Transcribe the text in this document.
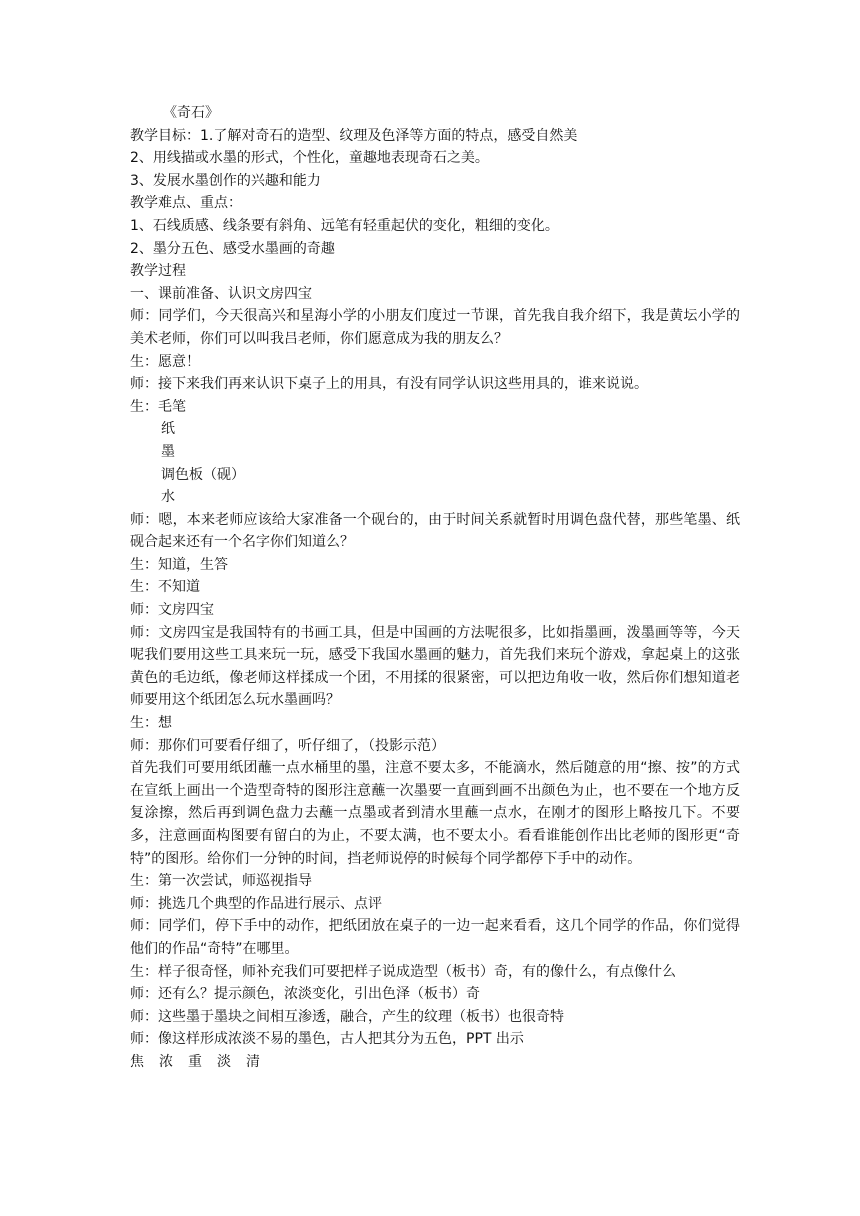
《奇石》

教学目标：1.了解对奇石的造型、纹理及色泽等方面的特点，感受自然美

2、用线描或水墨的形式，个性化，童趣地表现奇石之美。

3、发展水墨创作的兴趣和能力

教学难点、重点：

1、石线质感、线条要有斜角、远笔有轻重起伏的变化，粗细的变化。

2、墨分五色、感受水墨画的奇趣

教学过程

一、课前准备、认识文房四宝

师：同学们，今天很高兴和星海小学的小朋友们度过一节课，首先我自我介绍下，我是黄坛小学的美术老师，你们可以叫我吕老师，你们愿意成为我的朋友么？

生：愿意！

师：接下来我们再来认识下桌子上的用具，有没有同学认识这些用具的，谁来说说。

生：毛笔

纸

墨

调色板（砚）

水

师：嗯，本来老师应该给大家准备一个砚台的，由于时间关系就暂时用调色盘代替，那些笔墨、纸砚合起来还有一个名字你们知道么？

生：知道，生答

生：不知道

师：文房四宝

师：文房四宝是我国特有的书画工具，但是中国画的方法呢很多，比如指墨画，泼墨画等等，今天呢我们要用这些工具来玩一玩，感受下我国水墨画的魅力，首先我们来玩个游戏，拿起桌上的这张黄色的毛边纸，像老师这样揉成一个团，不用揉的很紧密，可以把边角收一收，然后你们想知道老师要用这个纸团怎么玩水墨画吗？

生：想

师：那你们可要看仔细了，听仔细了，（投影示范）

首先我们可要用纸团蘸一点水桶里的墨，注意不要太多，不能滴水，然后随意的用“擦、按”的方式在宣纸上画出一个造型奇特的图形注意蘸一次墨要一直画到画不出颜色为止，也不要在一个地方反复涂擦，然后再到调色盘力去蘸一点墨或者到清水里蘸一点水，在刚才的图形上略按几下。不要多，注意画面构图要有留白的为止，不要太满，也不要太小。看看谁能创作出比老师的图形更“奇特”的图形。给你们一分钟的时间，挡老师说停的时候每个同学都停下手中的动作。

生：第一次尝试，师巡视指导

师：挑选几个典型的作品进行展示、点评

师：同学们，停下手中的动作，把纸团放在桌子的一边一起来看看，这几个同学的作品，你们觉得他们的作品“奇特”在哪里。

生：样子很奇怪，师补充我们可要把样子说成造型（板书）奇，有的像什么，有点像什么

师：还有么？提示颜色，浓淡变化，引出色泽（板书）奇

师：这些墨于墨块之间相互渗透，融合，产生的纹理（板书）也很奇特

师：像这样形成浓淡不易的墨色，古人把其分为五色，PPT 出示

焦 浓 重 淡 清
